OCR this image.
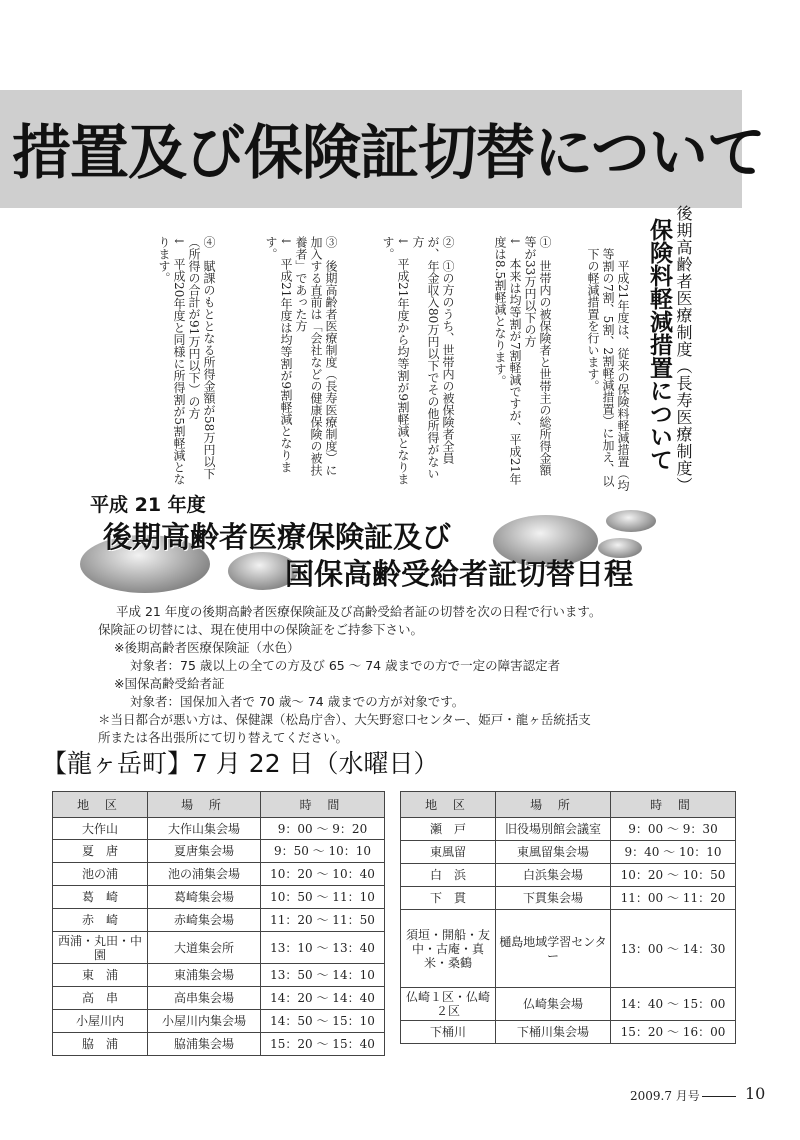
措置及び保険証切替について
後期高齢者医療制度（長寿医療制度）
保険料軽減措置について
　平成21年度は、従来の保険料軽減措置（均等割の7割、5割、2割軽減措置）に加え、以下の軽減措置を行います。
①　世帯内の被保険者と世帯主の総所得金額等が33万円以下の方
↓　本来は均等割が7割軽減ですが、平成21年度は8.5割軽減となります。
②　①の方のうち、世帯内の被保険者全員が、年金収入80万円以下でその他所得がない方
↓　平成21年度から均等割が9割軽減となります。
③　後期高齢者医療制度（長寿医療制度）に加入する直前は「会社などの健康保険の被扶養者」であった方
↓　平成21年度は均等割が9割軽減となります。
④　賦課のもととなる所得金額が58万円以下（所得の合計が91万円以下）の方
↓　平成20年度と同様に所得割が5割軽減となります。
平成 21 年度
後期高齢者医療保険証及び
国保高齢受給者証切替日程
平成 21 年度の後期高齢者医療保険証及び高齢受給者証の切替を次の日程で行います。
保険証の切替には、現在使用中の保険証をご持参下さい。
※後期高齢者医療保険証（水色）
対象者：75 歳以上の全ての方及び 65 ～ 74 歳までの方で一定の障害認定者
※国保高齢受給者証
対象者：国保加入者で 70 歳～ 74 歳までの方が対象です。
＊当日都合が悪い方は、保健課（松島庁舎）、大矢野窓口センター、姫戸・龍ヶ岳統括支
所または各出張所にて切り替えてください。
【龍ヶ岳町】7 月 22 日（水曜日）
地 区	場 所	時 間
大作山	大作山集会場	9：00 ～ 9：20
夏　唐	夏唐集会場	9：50 ～ 10：10
池の浦	池の浦集会場	10：20 ～ 10：40
葛　崎	葛崎集会場	10：50 ～ 11：10
赤　崎	赤崎集会場	11：20 ～ 11：50
西浦・丸田・中園	大道集会所	13：10 ～ 13：40
東　浦	東浦集会場	13：50 ～ 14：10
高　串	高串集会場	14：20 ～ 14：40
小屋川内	小屋川内集会場	14：50 ～ 15：10
脇　浦	脇浦集会場	15：20 ～ 15：40
地 区	場 所	時 間
瀬　戸	旧役場別館会議室	9：00 ～ 9：30
東風留	東風留集会場	9：40 ～ 10：10
白　浜	白浜集会場	10：20 ～ 10：50
下　貫	下貫集会場	11：00 ～ 11：20
須垣・開船・友中・古庵・真米・桑鶴	樋島地域学習センター	13：00 ～ 14：30
仏崎１区・仏崎２区	仏崎集会場	14：40 ～ 15：00
下桶川	下桶川集会場	15：20 ～ 16：00
2009.7 月号	10
